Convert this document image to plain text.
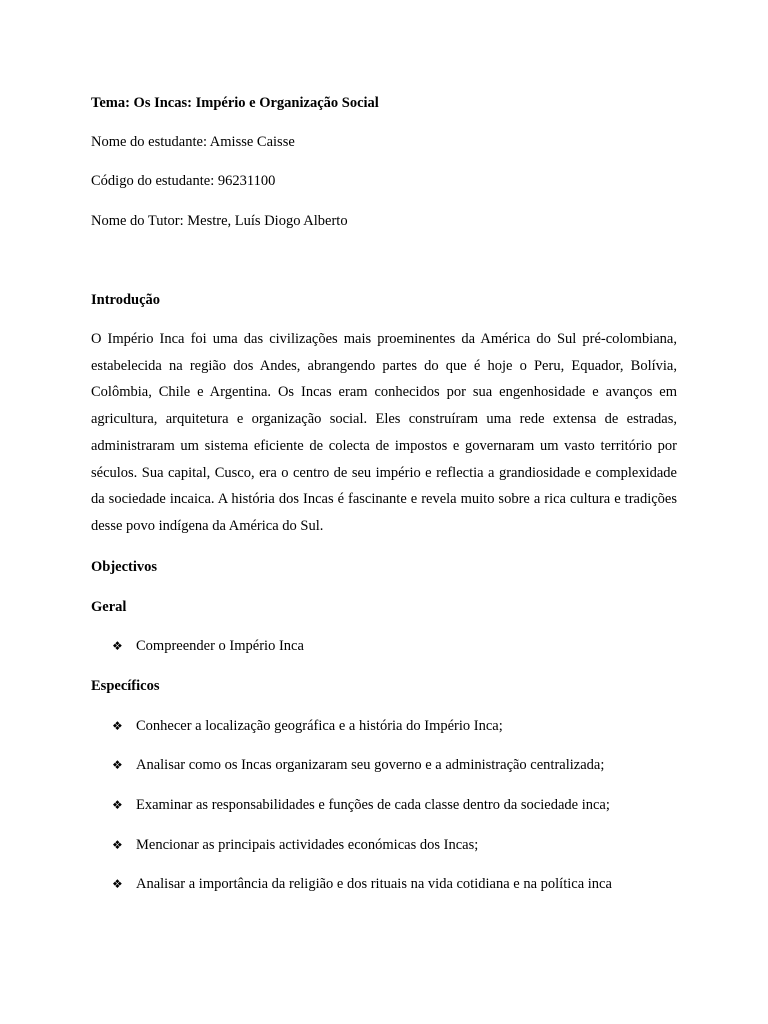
Tema: Os Incas: Império e Organização Social
Nome do estudante: Amisse Caisse
Código do estudante: 96231100
Nome do Tutor: Mestre, Luís Diogo Alberto
Introdução

O Império Inca foi uma das civilizações mais proeminentes da América do Sul pré-colombiana, estabelecida na região dos Andes, abrangendo partes do que é hoje o Peru, Equador, Bolívia, Colômbia, Chile e Argentina. Os Incas eram conhecidos por sua engenhosidade e avanços em agricultura, arquitetura e organização social. Eles construíram uma rede extensa de estradas, administraram um sistema eficiente de colecta de impostos e governaram um vasto território por séculos. Sua capital, Cusco, era o centro de seu império e reflectia a grandiosidade e complexidade da sociedade incaica. A história dos Incas é fascinante e revela muito sobre a rica cultura e tradições desse povo indígena da América do Sul.

Objectivos
Geral
❖ Compreender o Império Inca
Específicos
❖ Conhecer a localização geográfica e a história do Império Inca;
❖ Analisar como os Incas organizaram seu governo e a administração centralizada;
❖ Examinar as responsabilidades e funções de cada classe dentro da sociedade inca;
❖ Mencionar as principais actividades económicas dos Incas;
❖ Analisar a importância da religião e dos rituais na vida cotidiana e na política inca
